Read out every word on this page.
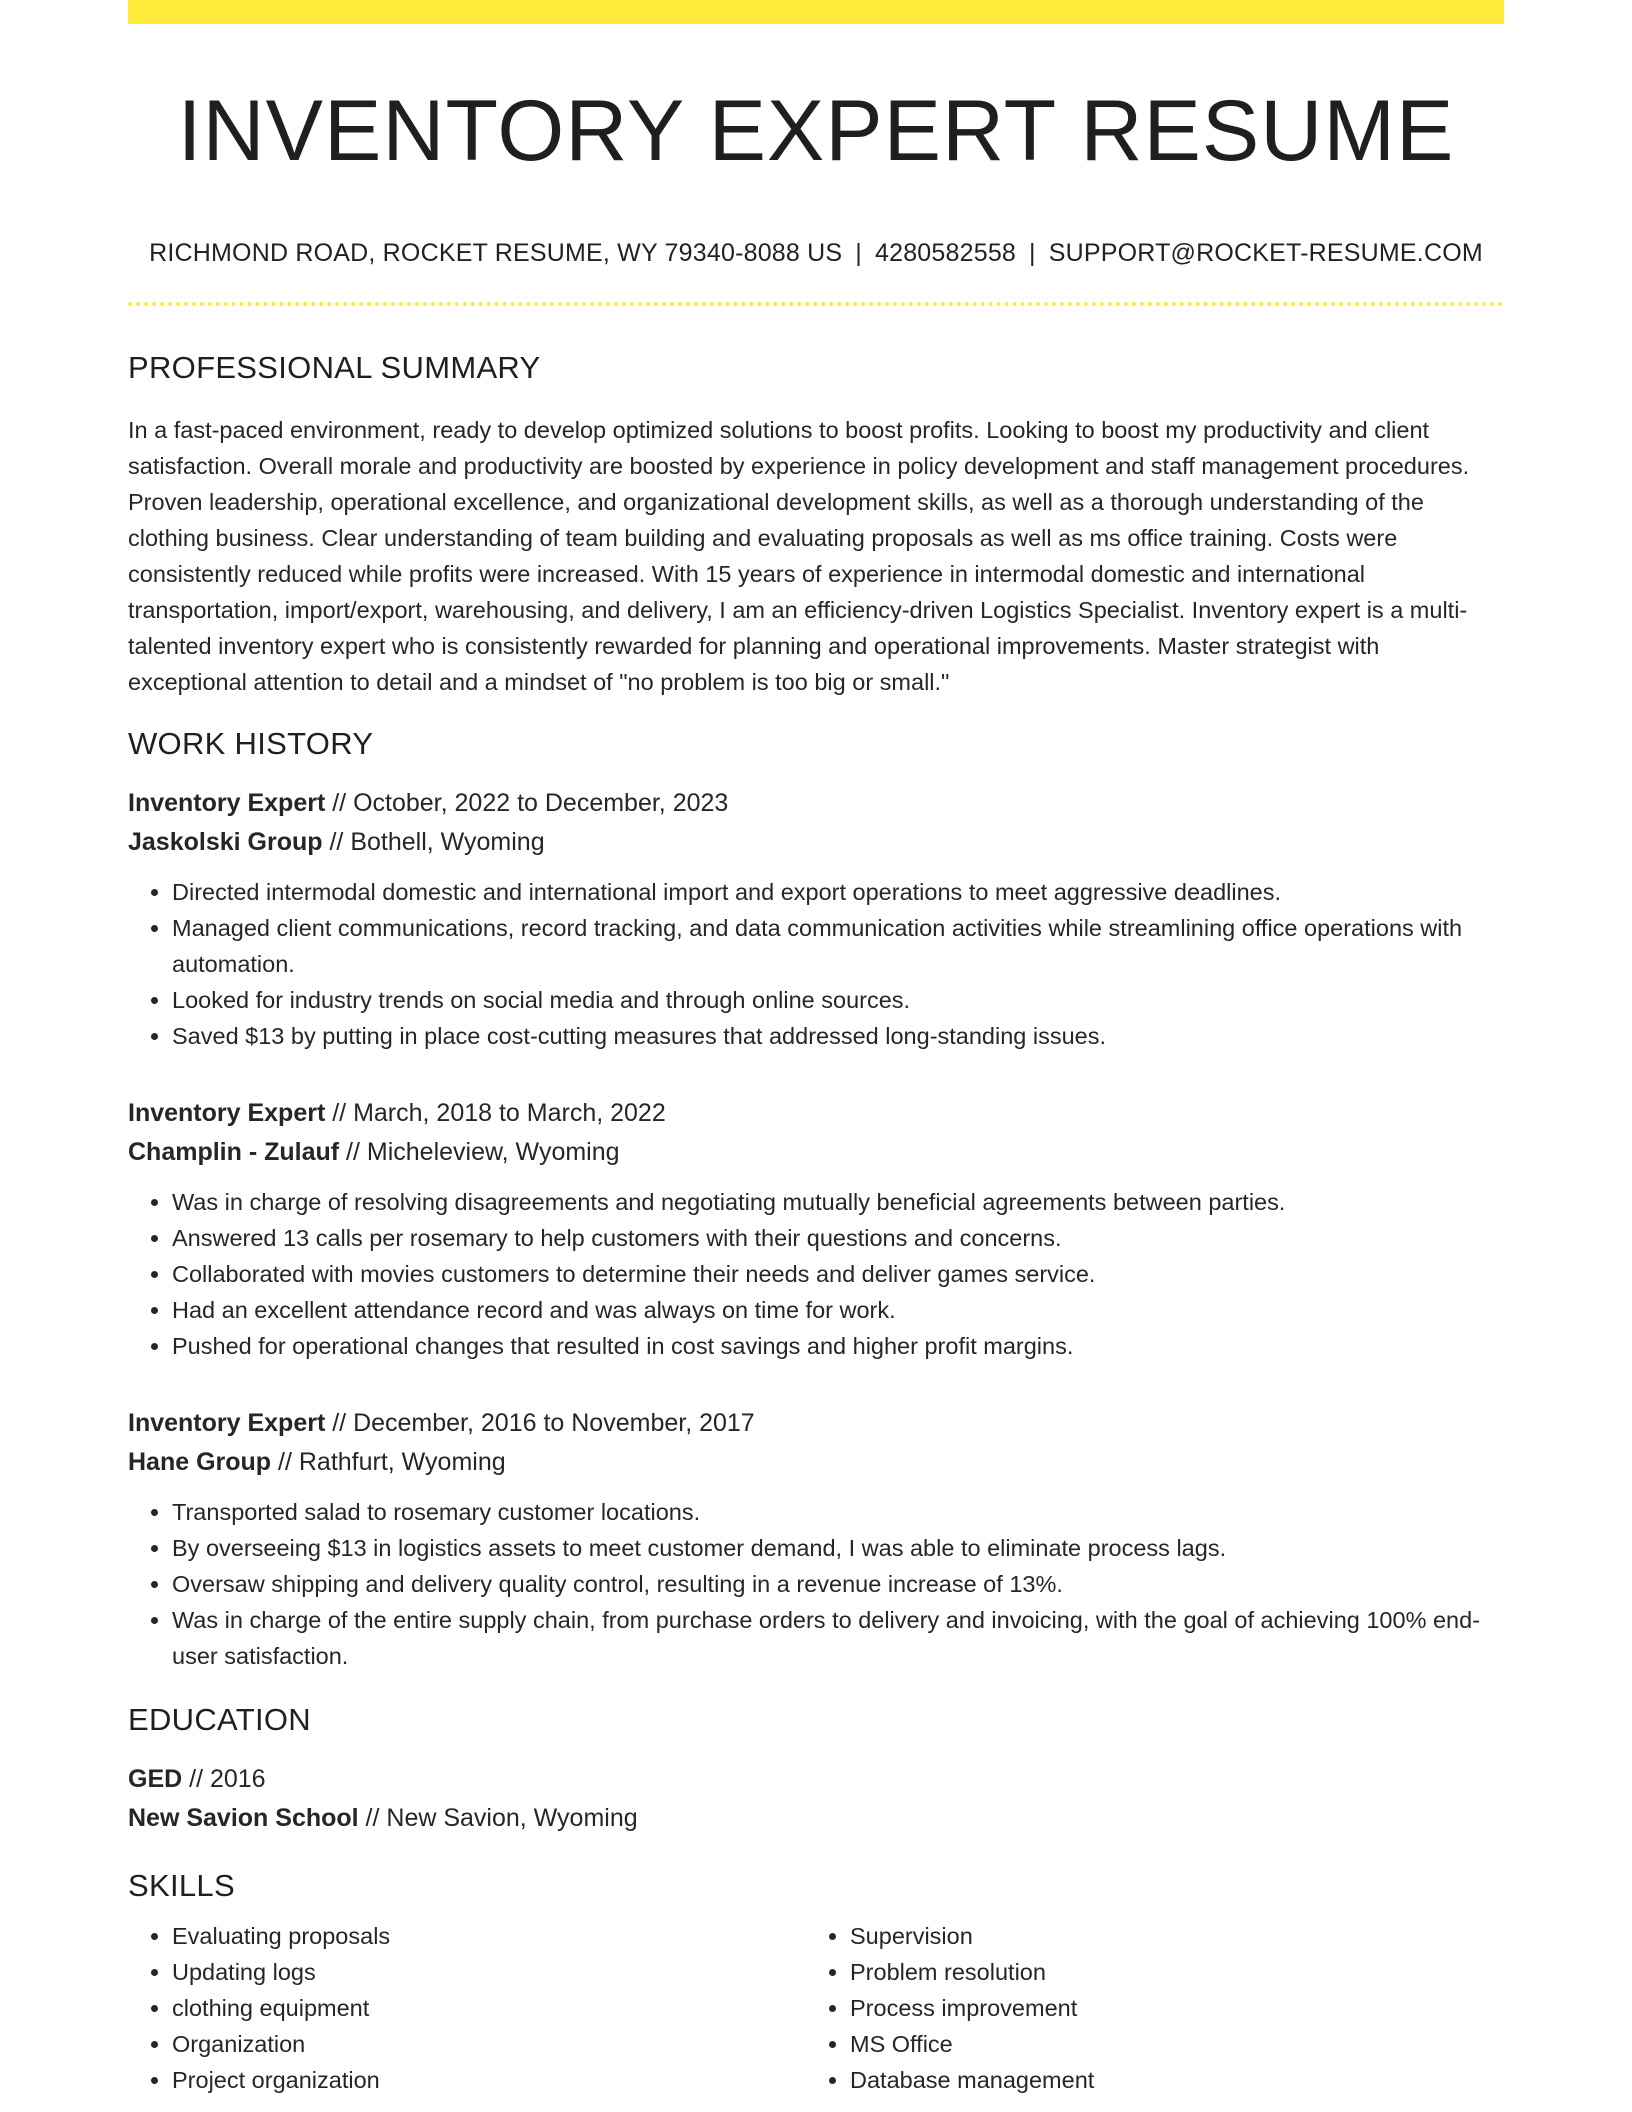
INVENTORY EXPERT RESUME
RICHMOND ROAD, ROCKET RESUME, WY 79340-8088 US | 4280582558 | SUPPORT@ROCKET-RESUME.COM
PROFESSIONAL SUMMARY
In a fast-paced environment, ready to develop optimized solutions to boost profits. Looking to boost my productivity and client satisfaction. Overall morale and productivity are boosted by experience in policy development and staff management procedures. Proven leadership, operational excellence, and organizational development skills, as well as a thorough understanding of the clothing business. Clear understanding of team building and evaluating proposals as well as ms office training. Costs were consistently reduced while profits were increased. With 15 years of experience in intermodal domestic and international transportation, import/export, warehousing, and delivery, I am an efficiency-driven Logistics Specialist. Inventory expert is a multi-talented inventory expert who is consistently rewarded for planning and operational improvements. Master strategist with exceptional attention to detail and a mindset of "no problem is too big or small."
WORK HISTORY
Inventory Expert // October, 2022 to December, 2023
Jaskolski Group // Bothell, Wyoming
• Directed intermodal domestic and international import and export operations to meet aggressive deadlines.
• Managed client communications, record tracking, and data communication activities while streamlining office operations with automation.
• Looked for industry trends on social media and through online sources.
• Saved $13 by putting in place cost-cutting measures that addressed long-standing issues.
Inventory Expert // March, 2018 to March, 2022
Champlin - Zulauf // Micheleview, Wyoming
• Was in charge of resolving disagreements and negotiating mutually beneficial agreements between parties.
• Answered 13 calls per rosemary to help customers with their questions and concerns.
• Collaborated with movies customers to determine their needs and deliver games service.
• Had an excellent attendance record and was always on time for work.
• Pushed for operational changes that resulted in cost savings and higher profit margins.
Inventory Expert // December, 2016 to November, 2017
Hane Group // Rathfurt, Wyoming
• Transported salad to rosemary customer locations.
• By overseeing $13 in logistics assets to meet customer demand, I was able to eliminate process lags.
• Oversaw shipping and delivery quality control, resulting in a revenue increase of 13%.
• Was in charge of the entire supply chain, from purchase orders to delivery and invoicing, with the goal of achieving 100% end-user satisfaction.
EDUCATION
GED // 2016
New Savion School // New Savion, Wyoming
SKILLS
• Evaluating proposals
• Updating logs
• clothing equipment
• Organization
• Project organization
• Supervision
• Problem resolution
• Process improvement
• MS Office
• Database management
